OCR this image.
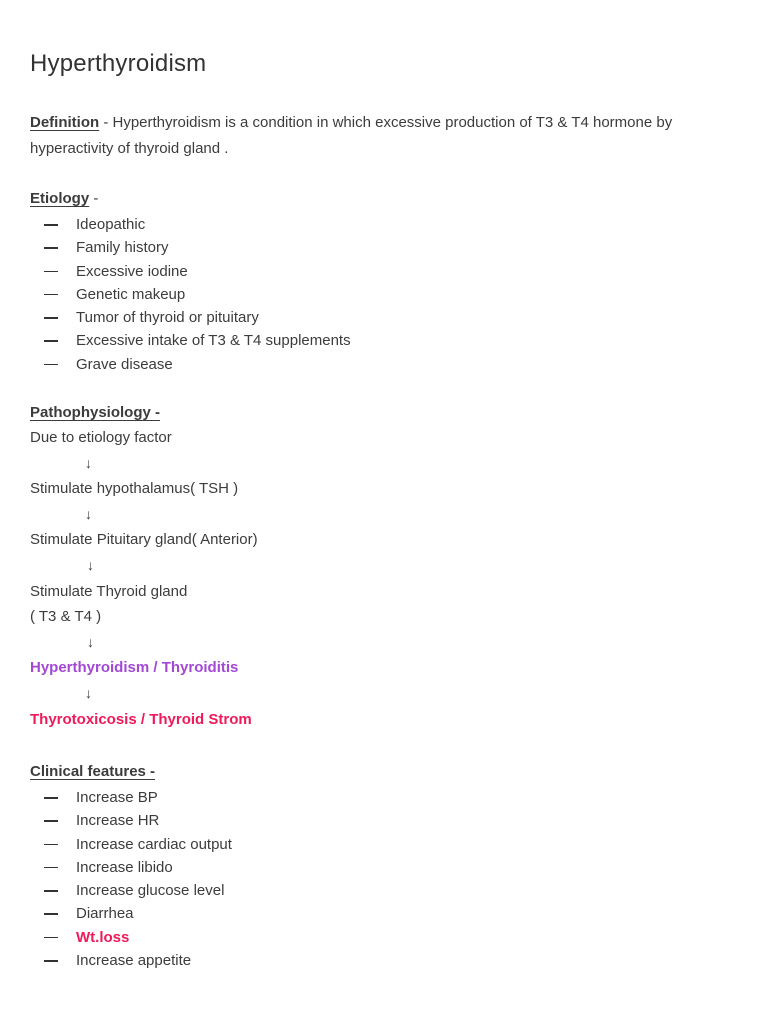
Hyperthyroidism
Definition - Hyperthyroidism is a condition in which excessive production of T3 & T4 hormone by hyperactivity of thyroid gland .
Etiology -
Ideopathic
Family history
Excessive iodine
Genetic makeup
Tumor of thyroid or pituitary
Excessive intake of T3 & T4 supplements
Grave disease
Pathophysiology -
Due to etiology factor
↓
Stimulate hypothalamus( TSH )
↓
Stimulate Pituitary gland( Anterior)
↓
Stimulate Thyroid gland
( T3 & T4 )
↓
Hyperthyroidism / Thyroiditis
↓
Thyrotoxicosis / Thyroid Strom
Clinical features -
Increase BP
Increase HR
Increase cardiac output
Increase libido
Increase glucose level
Diarrhea
Wt.loss
Increase appetite
